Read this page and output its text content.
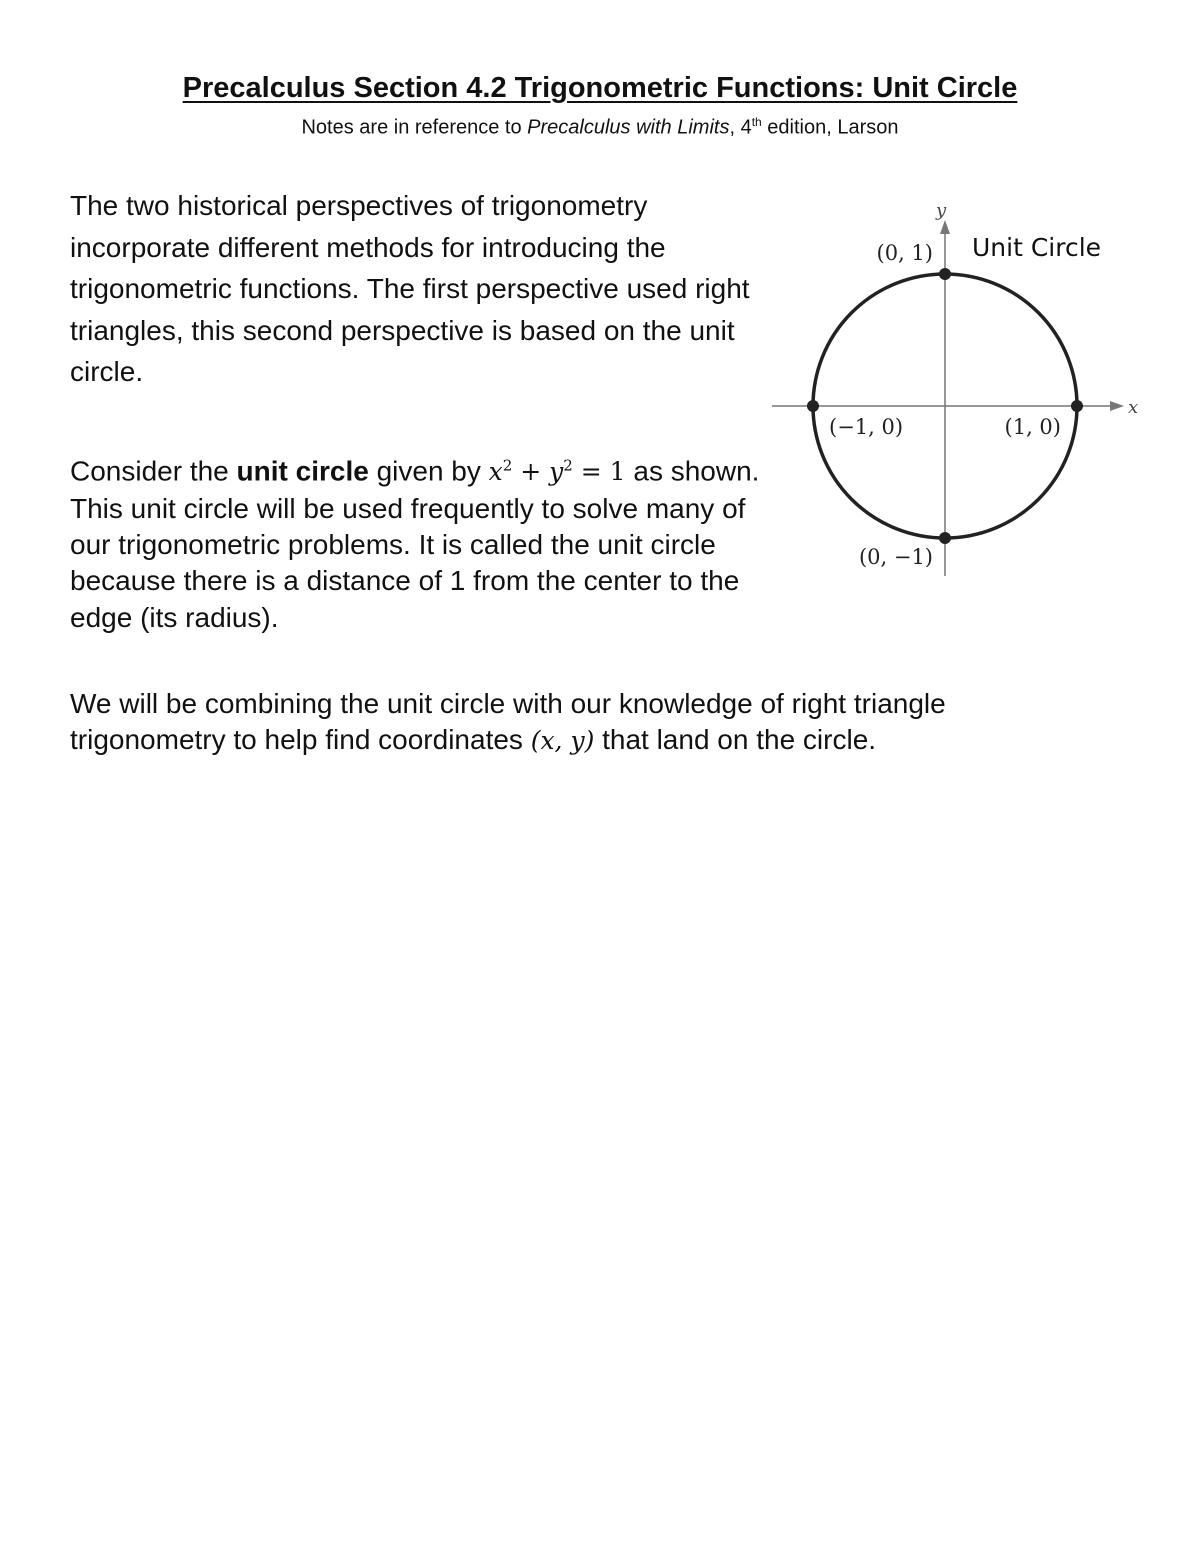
Precalculus Section 4.2 Trigonometric Functions: Unit Circle

Notes are in reference to Precalculus with Limits, 4th edition, Larson

The two historical perspectives of trigonometry incorporate different methods for introducing the trigonometric functions. The first perspective used right triangles, this second perspective is based on the unit circle.

Consider the unit circle given by $x^2 + y^2 = 1$ as shown. This unit circle will be used frequently to solve many of our trigonometric problems. It is called the unit circle because there is a distance of 1 from the center to the edge (its radius).

We will be combining the unit circle with our knowledge of right triangle trigonometry to help find coordinates (x, y) that land on the circle.

x
y
Unit Circle
(0, 1)
(−1, 0)	(1, 0)
(0, −1)
